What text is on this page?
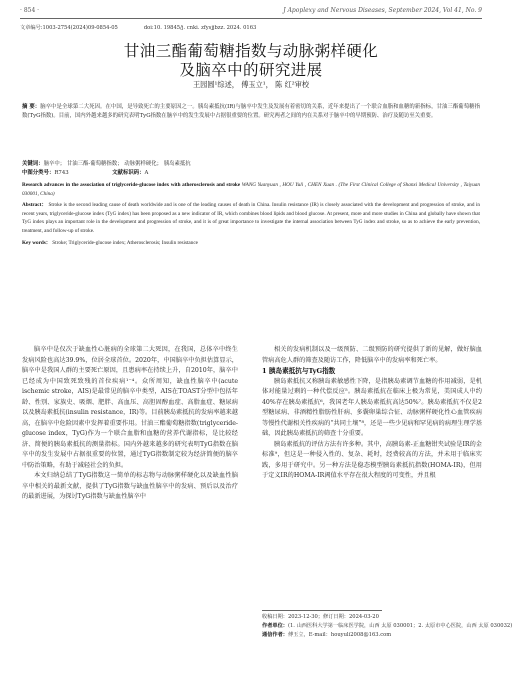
· 854 ·	J Apoplexy and Nervous Diseases, September 2024, Vol 41, No. 9
文章编号:1003-2754(2024)09-0854-05	doi:10. 19845/j. cnki. zfysjjbzz. 2024. 0163
甘油三酯葡萄糖指数与动脉粥样硬化
及脑卒中的研究进展
王园圆¹综述， 傅玉立¹， 陈 红²审校
摘 要：脑卒中是全球第二大死因。在中国，是导致死亡的主要原因之一。胰岛素抵抗(IR)与脑卒中发生及发展有着密切的关系，近年来提出了一个联合血脂和血糖的新指标，甘油三酯葡萄糖指数(TyG指数)。目前，国内外越来越多的研究表明TyG指数在脑卒中的发生发展中占据很重要的位置。研究两者之间的内在关系对于脑卒中的早期预防、治疗及随访至关重要。
关键词：脑卒中； 甘油三酯-葡萄糖指数； 动脉粥样硬化； 胰岛素抵抗
中图分类号：R743	文献标识码：A
Research advances in the association of triglyceride-glucose index with atherosclerosis and stroke WANG Yuanyuan , HOU Yuli , CHEN Xuan . (The First Clinical College of Shanxi Medical University , Taiyuan 030001, China)
Abstract： Stroke is the second leading cause of death worldwide and is one of the leading causes of death in China. Insulin resistance (IR) is closely associated with the development and progression of stroke, and in recent years, triglyceride-glucose index (TyG index) has been proposed as a new indicator of IR, which combines blood lipids and blood glucose. At present, more and more studies in China and globally have shown that TyG index plays an important role in the development and progression of stroke, and it is of great importance to investigate the internal association between TyG index and stroke, so as to achieve the early prevention, treatment, and follow-up of stroke.
Key words： Stroke; Triglyceride-glucose index; Atherosclerosis; Insulin resistance

脑卒中是仅次于缺血性心脏病的全球第二大死因，在我国，总体卒中终生发病风险也高达39.9%，位居全球首位。2020年，中国脑卒中负担估算显示，脑卒中是我国人群的主要死亡原因，且患病率在持续上升，自2010年，脑卒中已经成为中国致死致残的首位疾病¹⁻⁴。众所周知，缺血性脑卒中(acute ischemic stroke，AIS)是最常见的脑卒中类型，AIS在TOAST分型中包括年龄、性别、家族史、吸烟、肥胖、高血压、高胆固醇血症、高脂血症、糖尿病以及胰岛素抵抗(insulin resistance，IR)等。目前胰岛素抵抗的发病率越来越高，在脑卒中危险因素中发挥着重要作用。甘油三酯葡萄糖指数(triglyceride-glucose index，TyG)作为一个联合血脂和血糖的营养代谢指标，是比较经济、简便的胰岛素抵抗的测量指标。国内外越来越多的研究表明TyG指数在脑卒中的发生发展中占据很重要的位置，通过TyG指数制定较为经济简便的脑卒中防治策略，有助于减轻社会的负担。

本文归纳总结了TyG指数这一简单的标志物与动脉粥样硬化以及缺血性脑卒中相关的最新文献，提供了TyG指数与缺血性脑卒中的发病、预后以及治疗的最新进展，为探讨TyG指数与缺血性脑卒中

相关的发病机制以及一级预防、二级预防的研究提供了新的见解，做好脑血管病高危人群的筛查及随访工作，降低脑卒中的发病率和死亡率。

1 胰岛素抵抗与TyG指数

胰岛素抵抗又称胰岛素敏感性下降，是指胰岛素调节血糖的作用减弱，是机体对能量过剩的一种代偿反应⁵。胰岛素抵抗在临床上极为常见，美国成人中约40%存在胰岛素抵抗⁶，我国老年人胰岛素抵抗高达50%⁷。胰岛素抵抗不仅是2型糖尿病、非酒精性脂肪性肝病、多囊卵巢综合征、动脉粥样硬化性心血管疾病等慢性代谢相关性疾病的“共同土壤”⁸，还是一些少见病和罕见病的病理生理学基础，因此胰岛素抵抗的筛查十分重要。

胰岛素抵抗的评估方法有许多种。其中，高胰岛素-正血糖钳夹试验是IR的金标准⁹，但这是一种侵入性的、复杂、耗时，经费较高的方法，并未用于临床实践，多用于研究中。另一种方法是稳态模型胰岛素抵抗指数(HOMA-IR)，但用于定义IR的HOMA-IR阈值水平存在很大程度的可变性，并且根

收稿日期：2023-12-30；修订日期：2024-03-20
作者单位：(1. 山西医科大学第一临床医学院，山西 太原 030001；2. 太原市中心医院，山西 太原 030032)
通信作者：傅玉立，E-mail：houyuli2008@163.com
